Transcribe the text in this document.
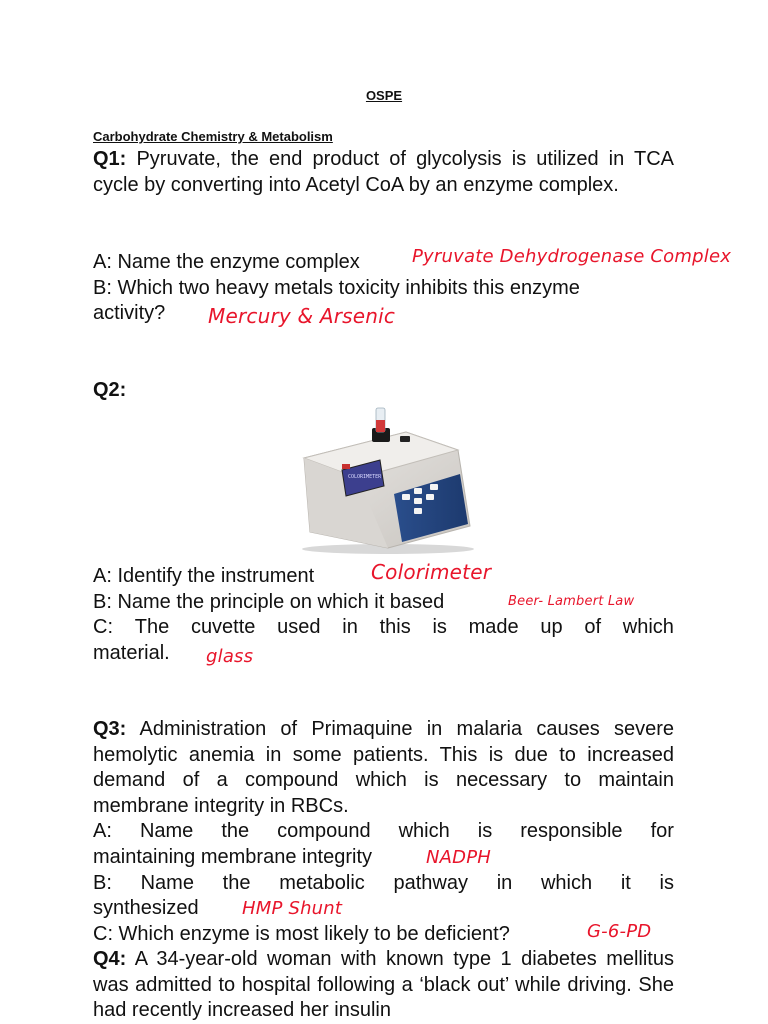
OSPE
Carbohydrate Chemistry & Metabolism
Q1: Pyruvate, the end product of glycolysis is utilized in TCA cycle by converting into Acetyl CoA by an enzyme complex.
A: Name the enzyme complex	Pyruvate Dehydrogenase Complex
B: Which two heavy metals toxicity inhibits this enzyme
activity?	Mercury & Arsenic
Q2:
COLORIMETER
A: Identify the instrument	Colorimeter
B: Name the principle on which it based	Beer- Lambert Law
C: The cuvette used in this is made up of which
material.	glass
Q3: Administration of Primaquine in malaria causes severe hemolytic anemia in some patients. This is due to increased demand of a compound which is necessary to maintain membrane integrity in RBCs.
A: Name the compound which is responsible for
maintaining membrane integrity	NADPH
B: Name the metabolic pathway in which it is
synthesized	HMP Shunt
C: Which enzyme is most likely to be deficient?	G-6-PD
Q4: A 34-year-old woman with known type 1 diabetes mellitus was admitted to hospital following a ‘black out’ while driving. She had recently increased her insulin
